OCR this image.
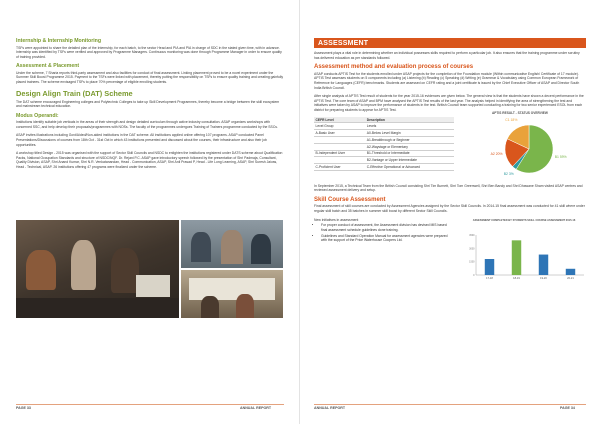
Internship & Internship Monitoring

TSFs were appointed to share the detailed plan of the Internship, for each batch, to the sector Head and PIA and PIA in charge of SDC in the stated given time, with in advance. Internship was identified by TSFs were verified and approved by Programme Managers. Continuous monitoring was done through Programme Manager in order to ensure quality of training provided.

Assessment & Placement

Under the scheme, 7 Sharia reports third-party assessment and also facilities for conduct of final assessment. Linking placement proved to be a novel experiment under the Summer Skill Boost Programme 2015. Payment to the TSFs were linked with placement, thereby putting the responsibility on TSFs to ensure quality training and creating gainfully placed trainees. The scheme envisaged TSFs to place 70% percentage of eligible enrolling students.

Design Align Train (DAT) Scheme

The DAT scheme encouraged Engineering colleges and Polytechnic Colleges to take up Skill Development Programmes, thereby become a bridge between the skill ecosystem and mainstream technical education.

Modus Operandi:

Institutions identify suitable job verticals in the areas of their strength and design detailed curriculum through active industry consultation. ASAP organizes workshops with concerned SSC, and help develop their proposals/programmes with NOSs. The faculty of the programmes undergoes Training of Trainers programme conducted by the SSCs.

ASAP invites illustrations including Govt/Aided/Non-aided institutions in the DAT scheme. All institutions applied online offering 107 programs. ASAP conducted Panel Presentations/Discussions of courses from 18th Oct - 31st Oct in which 43 institutions presented and discussed about the courses, their infrastructure and also their job opportunities.

A workshop titled Design - 2015 was organised with the support of Sector Skill Councils and NSDC to enlighten the institutions registered under DATS scheme about Qualification Packs, National Occupation Standards and structure of NSDC/NQF. Dr. Rejani P.C. ASAP gave introductory speech followed by the presentation of Shri Padmaja, Consultant, Quality Division, ASAP, Shri Anand Kumar, Shri N.R. Venkatanandan, Head - Communication, ASAP, Shri Anil Prasad P, Head - Life Long Learning, ASAP, Shri Suresh Jaivas, Head - Technical, ASAP. 26 institutions offering 47 programs were finalized under the scheme.

PAGE 33	ANNUAL REPORT
ASSESSMENT

Assessment plays a vital role in determining whether an individual possesses skills required to perform a particular job. It also ensures that the training programme under scrutiny has delivered education as per standards followed.

Assessment method and evaluation process of courses

ASAP conducts APTIS Test for the students enrolled under ASAP projects for the completion of the Foundation module (Within communicative English/ Certificate of 17 module). APTIS Test assesses students on 5 components including (a) Listening (b) Reading (c) Speaking (d) Writing (e) Grammar & Vocabulary using Common European Framework of Reference for Languages (CEFR) benchmarks. Students are assessed on CEFR rating and a joint certificate is issued by the Chief Executive Officer of ASAP and Director South India British Council.

After single analysis of APTIS Test result of students for the year 2015-16 evidences are given below. The general view is that the students have shown a decent performance in the APTIS Test. The core team of ASAP and BPM have analysed the APTIS Test results of the last year. The analysis helped in identifying the area of strengthening the test and initiatives were taken by ASAP to improve the performance of students in the test. British Council team supported conducting a training for two senior experienced ESOL from each district for preparing students to appear for APTIS Test.

CEFR Level	Description
Level Group	Levels
A-Basic User	A0-Below Level Margin
	A1-Breakthrough or Beginner
	A2-Waystage or Elementary
B-Independent User	B1-Threshold or Intermediate
	B2-Vantage or Upper Intermediate
C-Proficient User	C-Effective Operational or Advanced
APTIS RESULT - STATUS OVERVIEW
B1 59%
B2 3%
A2 20%
C1 18%

In September 2015, a Technical Team from the British Council consisting Shri Tim Burnett, Shri Tom Greenwell, Shri Ben Bandy and Shri Dhawane Sham visited ASAP centres and reviewed assessment delivery and setup.

Skill Course Assessment

Final assessment of skill courses are conducted by Assessment Agencies assigned by the Sector Skill Councils. In 2014-15 final assessment was conducted for 41 skill where under regular skill batch and 35 batches in summer skill boost by different Sector Skill Councils.

New initiatives in assessment

• For proper conduct of assessment, the Assessment division has devised MIS based final assessment schedule guidelines done training.
• Guidelines and Standard Operation Manual for assessment agencies were prepared with the support of the Price Waterhouse Coopers Ltd.
ASSESSMENT COMPLETED BY STUDENTS SKILL COURSE ASSESSMENT 2015-16
17-18	18-19	19-20	20-21
0
1500
3000
4500
ANNUAL REPORT	PAGE 34
